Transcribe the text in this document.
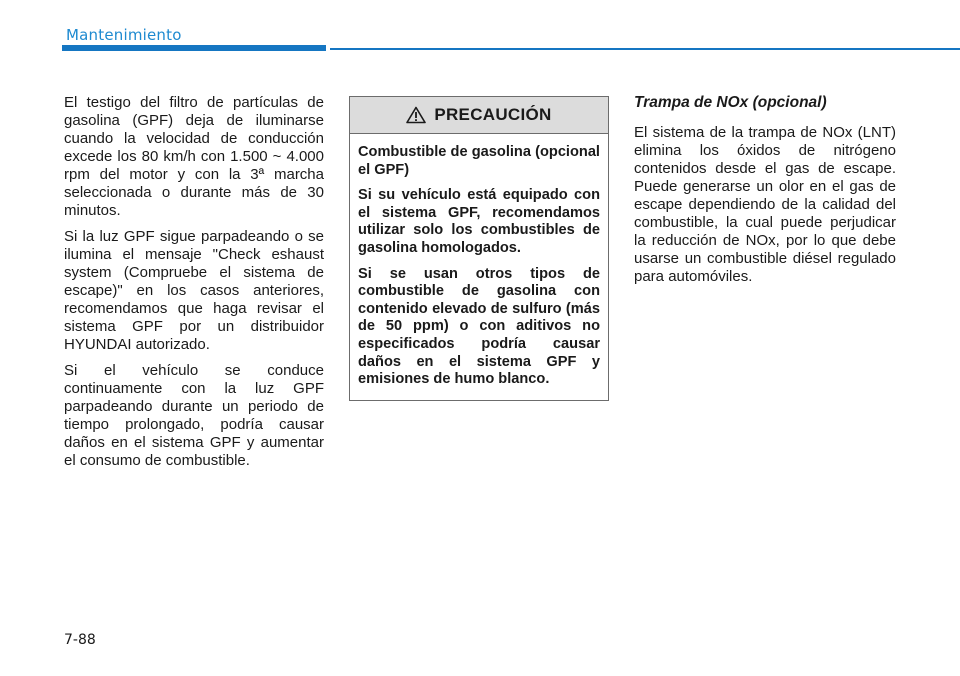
Mantenimiento

El testigo del filtro de partículas de gasolina (GPF) deja de iluminarse cuando la velocidad de conducción excede los 80 km/h con 1.500 ~ 4.000 rpm del motor y con la 3ª marcha seleccionada o durante más de 30 minutos.

Si la luz GPF sigue parpadeando o se ilumina el mensaje "Check eshaust system (Compruebe el sistema de escape)" en los casos anteriores, recomendamos que haga revisar el sistema GPF por un distribuidor HYUNDAI autorizado.

Si el vehículo se conduce continuamente con la luz GPF parpadeando durante un periodo de tiempo prolongado, podría causar daños en el sistema GPF y aumentar el consumo de combustible.

PRECAUCIÓN

Combustible de gasolina (opcional el GPF)

Si su vehículo está equipado con el sistema GPF, recomendamos utilizar solo los combustibles de gasolina homologados.

Si se usan otros tipos de combustible de gasolina con contenido elevado de sulfuro (más de 50 ppm) o con aditivos no especificados podría causar daños en el sistema GPF y emisiones de humo blanco.

Trampa de NOx (opcional)

El sistema de la trampa de NOx (LNT) elimina los óxidos de nitrógeno contenidos desde el gas de escape. Puede generarse un olor en el gas de escape dependiendo de la calidad del combustible, la cual puede perjudicar la reducción de NOx, por lo que debe usarse un combustible diésel regulado para automóviles.

7-88
